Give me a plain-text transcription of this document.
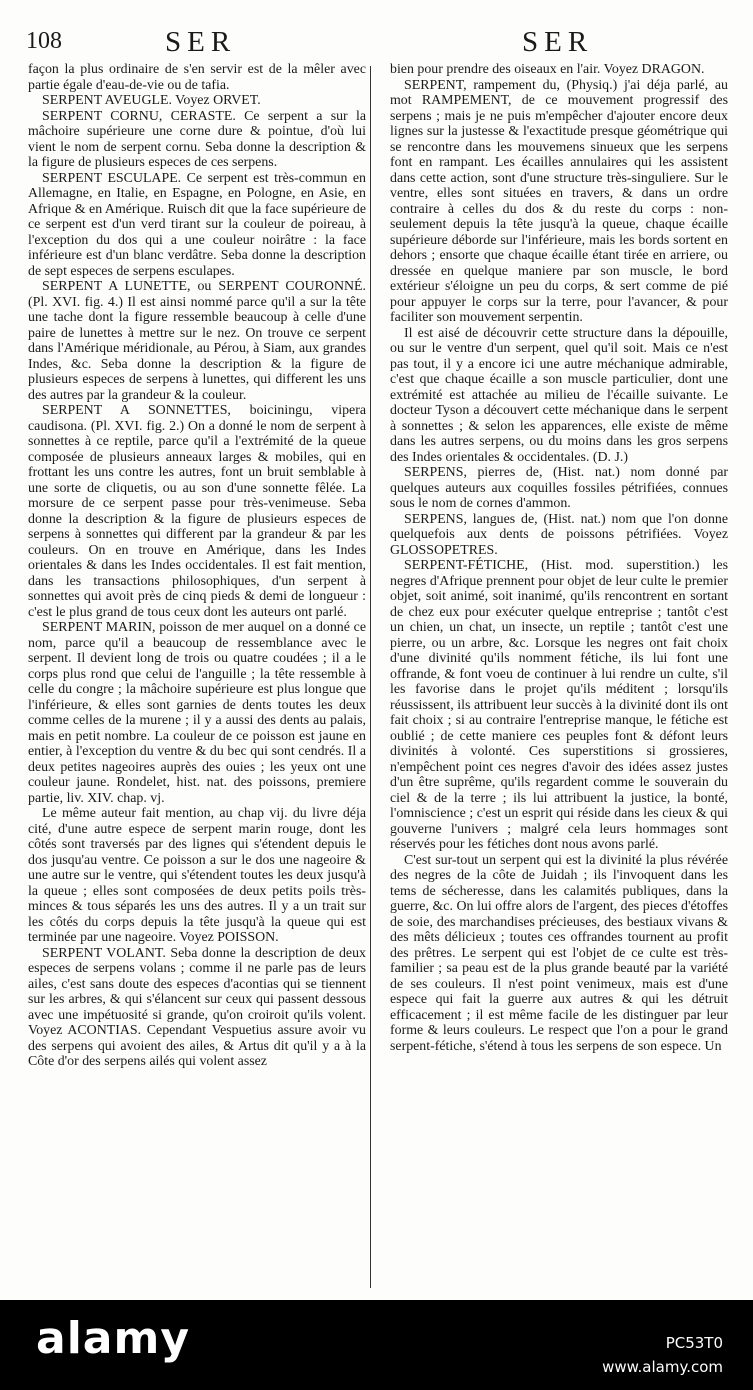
108	SER	SER

façon la plus ordinaire de s'en servir est de la mêler avec partie égale d'eau-de-vie ou de tafia.

SERPENT AVEUGLE. Voyez ORVET.

SERPENT CORNU, CERASTE. Ce serpent a sur la mâchoire supérieure une corne dure & pointue, d'où lui vient le nom de serpent cornu. Seba donne la description & la figure de plusieurs especes de ces serpens.

SERPENT ESCULAPE. Ce serpent est très-commun en Allemagne, en Italie, en Espagne, en Pologne, en Asie, en Afrique & en Amérique. Ruisch dit que la face supérieure de ce serpent est d'un verd tirant sur la couleur de poireau, à l'exception du dos qui a une couleur noirâtre : la face inférieure est d'un blanc verdâtre. Seba donne la description de sept especes de serpens esculapes.

SERPENT A LUNETTE, ou SERPENT COURONNÉ. (Pl. XVI. fig. 4.) Il est ainsi nommé parce qu'il a sur la tête une tache dont la figure ressemble beaucoup à celle d'une paire de lunettes à mettre sur le nez. On trouve ce serpent dans l'Amérique méridionale, au Pérou, à Siam, aux grandes Indes, &c. Seba donne la description & la figure de plusieurs especes de serpens à lunettes, qui different les uns des autres par la grandeur & la couleur.

SERPENT A SONNETTES, boiciningu, vipera caudisona. (Pl. XVI. fig. 2.) On a donné le nom de serpent à sonnettes à ce reptile, parce qu'il a l'extrémité de la queue composée de plusieurs anneaux larges & mobiles, qui en frottant les uns contre les autres, font un bruit semblable à une sorte de cliquetis, ou au son d'une sonnette fêlée. La morsure de ce serpent passe pour très-venimeuse. Seba donne la description & la figure de plusieurs especes de serpens à sonnettes qui different par la grandeur & par les couleurs. On en trouve en Amérique, dans les Indes orientales & dans les Indes occidentales. Il est fait mention, dans les transactions philosophiques, d'un serpent à sonnettes qui avoit près de cinq pieds & demi de longueur : c'est le plus grand de tous ceux dont les auteurs ont parlé.

SERPENT MARIN, poisson de mer auquel on a donné ce nom, parce qu'il a beaucoup de ressemblance avec le serpent. Il devient long de trois ou quatre coudées ; il a le corps plus rond que celui de l'anguille ; la tête ressemble à celle du congre ; la mâchoire supérieure est plus longue que l'inférieure, & elles sont garnies de dents toutes les deux comme celles de la murene ; il y a aussi des dents au palais, mais en petit nombre. La couleur de ce poisson est jaune en entier, à l'exception du ventre & du bec qui sont cendrés. Il a deux petites nageoires auprès des ouies ; les yeux ont une couleur jaune. Rondelet, hist. nat. des poissons, premiere partie, liv. XIV. chap. vj.

Le même auteur fait mention, au chap vij. du livre déja cité, d'une autre espece de serpent marin rouge, dont les côtés sont traversés par des lignes qui s'étendent depuis le dos jusqu'au ventre. Ce poisson a sur le dos une nageoire & une autre sur le ventre, qui s'étendent toutes les deux jusqu'à la queue ; elles sont composées de deux petits poils très-minces & tous séparés les uns des autres. Il y a un trait sur les côtés du corps depuis la tête jusqu'à la queue qui est terminée par une nageoire. Voyez POISSON.

SERPENT VOLANT. Seba donne la description de deux especes de serpens volans ; comme il ne parle pas de leurs ailes, c'est sans doute des especes d'acontias qui se tiennent sur les arbres, & qui s'élancent sur ceux qui passent dessous avec une impétuosité si grande, qu'on croiroit qu'ils volent. Voyez ACONTIAS. Cependant Vespuetius assure avoir vu des serpens qui avoient des ailes, & Artus dit qu'il y a à la Côte d'or des serpens ailés qui volent assez

bien pour prendre des oiseaux en l'air. Voyez DRAGON.

SERPENT, rampement du, (Physiq.) j'ai déja parlé, au mot RAMPEMENT, de ce mouvement progressif des serpens ; mais je ne puis m'empêcher d'ajouter encore deux lignes sur la justesse & l'exactitude presque géométrique qui se rencontre dans les mouvemens sinueux que les serpens font en rampant. Les écailles annulaires qui les assistent dans cette action, sont d'une structure très-singuliere. Sur le ventre, elles sont situées en travers, & dans un ordre contraire à celles du dos & du reste du corps : non-seulement depuis la tête jusqu'à la queue, chaque écaille supérieure déborde sur l'inférieure, mais les bords sortent en dehors ; ensorte que chaque écaille étant tirée en arriere, ou dressée en quelque maniere par son muscle, le bord extérieur s'éloigne un peu du corps, & sert comme de pié pour appuyer le corps sur la terre, pour l'avancer, & pour faciliter son mouvement serpentin.

Il est aisé de découvrir cette structure dans la dépouille, ou sur le ventre d'un serpent, quel qu'il soit. Mais ce n'est pas tout, il y a encore ici une autre méchanique admirable, c'est que chaque écaille a son muscle particulier, dont une extrémité est attachée au milieu de l'écaille suivante. Le docteur Tyson a découvert cette méchanique dans le serpent à sonnettes ; & selon les apparences, elle existe de même dans les autres serpens, ou du moins dans les gros serpens des Indes orientales & occidentales. (D. J.)

SERPENS, pierres de, (Hist. nat.) nom donné par quelques auteurs aux coquilles fossiles pétrifiées, connues sous le nom de cornes d'ammon.

SERPENS, langues de, (Hist. nat.) nom que l'on donne quelquefois aux dents de poissons pétrifiées. Voyez GLOSSOPETRES.

SERPENT-FÉTICHE, (Hist. mod. superstition.) les negres d'Afrique prennent pour objet de leur culte le premier objet, soit animé, soit inanimé, qu'ils rencontrent en sortant de chez eux pour exécuter quelque entreprise ; tantôt c'est un chien, un chat, un insecte, un reptile ; tantôt c'est une pierre, ou un arbre, &c. Lorsque les negres ont fait choix d'une divinité qu'ils nomment fétiche, ils lui font une offrande, & font voeu de continuer à lui rendre un culte, s'il les favorise dans le projet qu'ils méditent ; lorsqu'ils réussissent, ils attribuent leur succès à la divinité dont ils ont fait choix ; si au contraire l'entreprise manque, le fétiche est oublié ; de cette maniere ces peuples font & défont leurs divinités à volonté. Ces superstitions si grossieres, n'empêchent point ces negres d'avoir des idées assez justes d'un être suprême, qu'ils regardent comme le souverain du ciel & de la terre ; ils lui attribuent la justice, la bonté, l'omniscience ; c'est un esprit qui réside dans les cieux & qui gouverne l'univers ; malgré cela leurs hommages sont réservés pour les fétiches dont nous avons parlé.

C'est sur-tout un serpent qui est la divinité la plus révérée des negres de la côte de Juidah ; ils l'invoquent dans les tems de sécheresse, dans les calamités publiques, dans la guerre, &c. On lui offre alors de l'argent, des pieces d'étoffes de soie, des marchandises précieuses, des bestiaux vivans & des mêts délicieux ; toutes ces offrandes tournent au profit des prêtres. Le serpent qui est l'objet de ce culte est très-familier ; sa peau est de la plus grande beauté par la variété de ses couleurs. Il n'est point venimeux, mais est d'une espece qui fait la guerre aux autres & qui les détruit efficacement ; il est même facile de les distinguer par leur forme & leurs couleurs. Le respect que l'on a pour le grand serpent-fétiche, s'étend à tous les serpens de son espece. Un

alamy	PC53T0
www.alamy.com
